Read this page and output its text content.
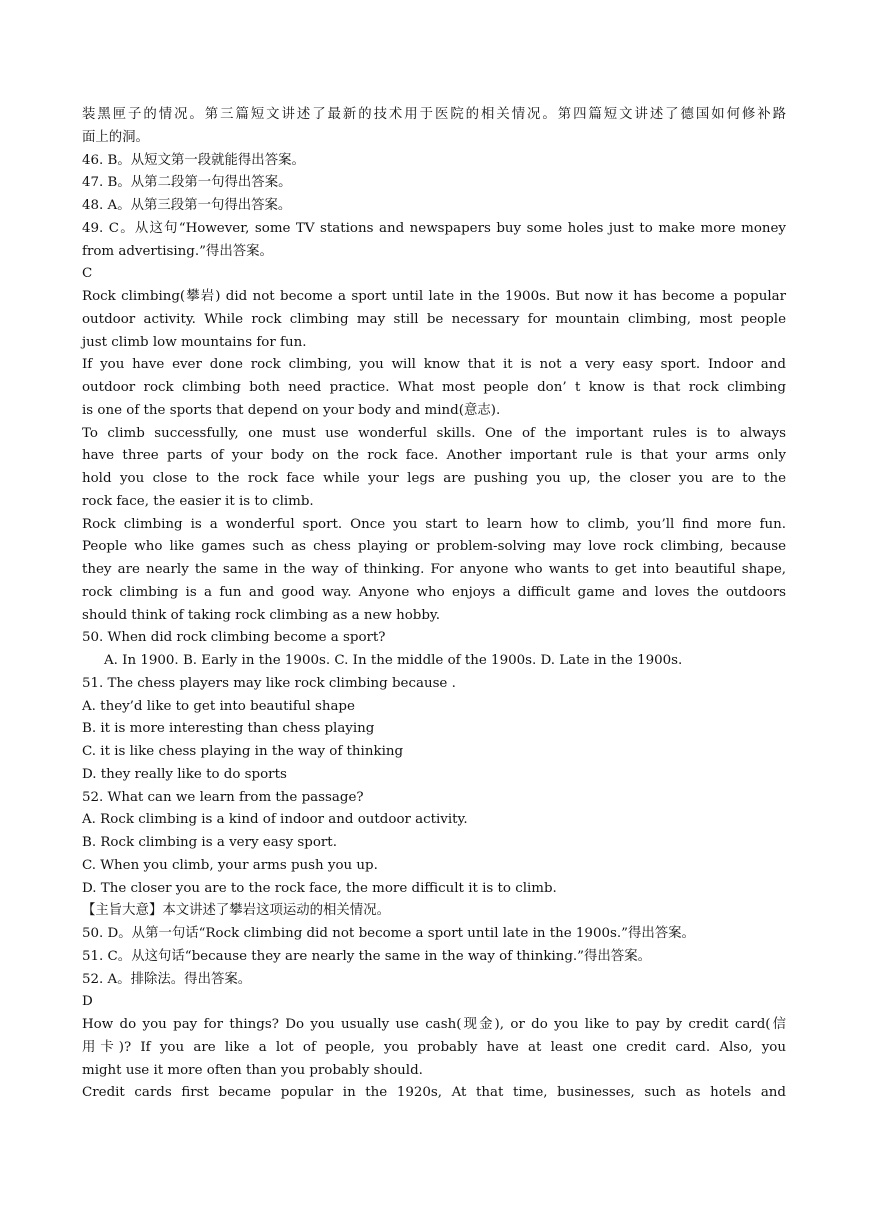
装黑匣子的情况。第三篇短文讲述了最新的技术用于医院的相关情况。第四篇短文讲述了德国如何修补路
面上的洞。
46. B。从短文第一段就能得出答案。
47. B。从第二段第一句得出答案。
48. A。从第三段第一句得出答案。
49. C。从这句“However, some TV stations and newspapers buy some holes just to make more money
from advertising.”得出答案。
C
Rock climbing(攀岩) did not become a sport until late in the 1900s. But now it has become a popular
outdoor activity. While rock climbing may still be necessary for mountain climbing, most people
just climb low mountains for fun.
If you have ever done rock climbing, you will know that it is not a very easy sport. Indoor and
outdoor rock climbing both need practice. What most people don’ t know is that rock climbing
is one of the sports that depend on your body and mind(意志).
To climb successfully, one must use wonderful skills. One of the important rules is to always
have three parts of your body on the rock face. Another important rule is that your arms only
hold you close to the rock face while your legs are pushing you up, the closer you are to the
rock face, the easier it is to climb.
Rock climbing is a wonderful sport. Once you start to learn how to climb, you’ll find more fun.
People who like games such as chess playing or problem-solving may love rock climbing, because
they are nearly the same in the way of thinking. For anyone who wants to get into beautiful shape,
rock climbing is a fun and good way. Anyone who enjoys a difficult game and loves the outdoors
should think of taking rock climbing as a new hobby.
50. When did rock climbing become a sport?
A. In 1900. B. Early in the 1900s. C. In the middle of the 1900s. D. Late in the 1900s.
51. The chess players may like rock climbing because .
A. they’d like to get into beautiful shape
B. it is more interesting than chess playing
C. it is like chess playing in the way of thinking
D. they really like to do sports
52. What can we learn from the passage?
A. Rock climbing is a kind of indoor and outdoor activity.
B. Rock climbing is a very easy sport.
C. When you climb, your arms push you up.
D. The closer you are to the rock face, the more difficult it is to climb.
【主旨大意】本文讲述了攀岩这项运动的相关情况。
50. D。从第一句话“Rock climbing did not become a sport until late in the 1900s.”得出答案。
51. C。从这句话“because they are nearly the same in the way of thinking.”得出答案。
52. A。排除法。得出答案。
D
How do you pay for things? Do you usually use cash(现金), or do you like to pay by credit card(信
用卡)? If you are like a lot of people, you probably have at least one credit card. Also, you
might use it more often than you probably should.
Credit cards first became popular in the 1920s, At that time, businesses, such as hotels and
